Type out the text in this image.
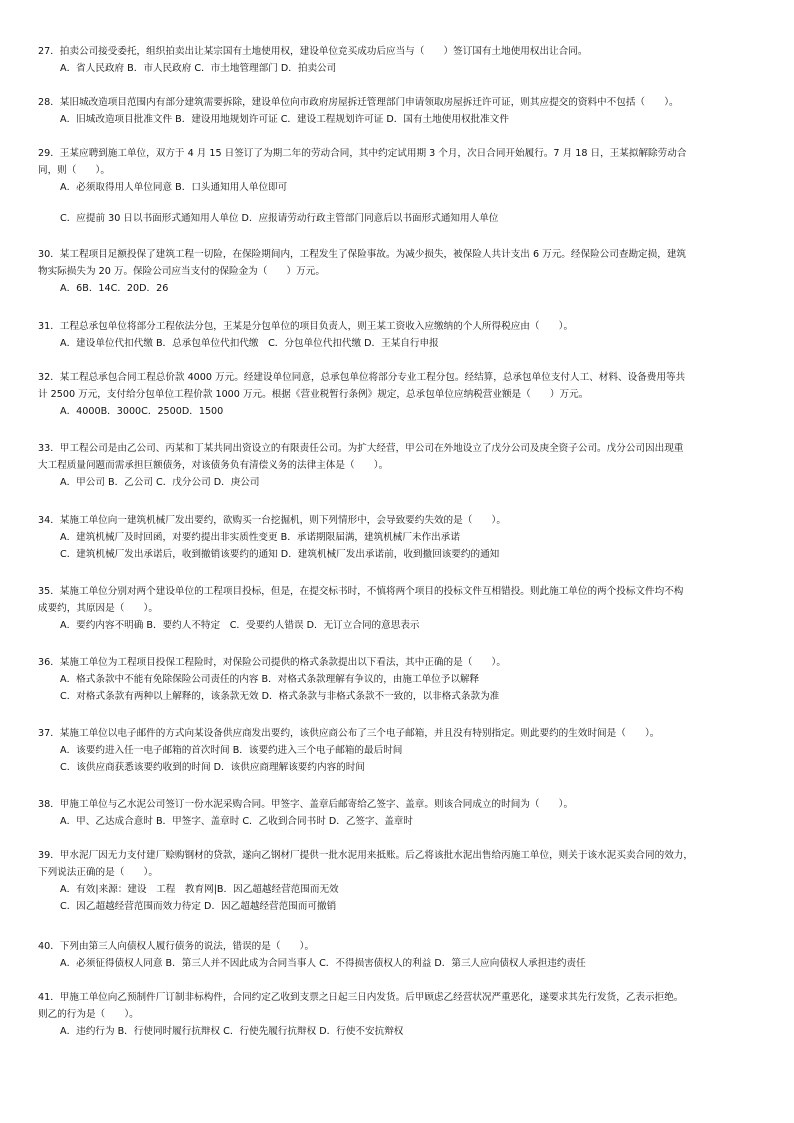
27．拍卖公司接受委托，组织拍卖出让某宗国有土地使用权，建设单位竞买成功后应当与（　　）签订国有土地使用权出让合同。
A．省人民政府 B．市人民政府 C．市土地管理部门 D．拍卖公司
28．某旧城改造项目范围内有部分建筑需要拆除，建设单位向市政府房屋拆迁管理部门申请领取房屋拆迁许可证，则其应提交的资料中不包括（　　）。
A．旧城改造项目批准文件 B．建设用地规划许可证 C．建设工程规划许可证 D．国有土地使用权批准文件
29．王某应聘到施工单位，双方于 4 月 15 日签订了为期二年的劳动合同，其中约定试用期 3 个月，次日合同开始履行。7 月 18 日，王某拟解除劳动合
同，则（　　）。
A．必须取得用人单位同意 B．口头通知用人单位即可
C．应提前 30 日以书面形式通知用人单位 D．应报请劳动行政主管部门同意后以书面形式通知用人单位
30．某工程项目足额投保了建筑工程一切险，在保险期间内，工程发生了保险事故。为减少损失，被保险人共计支出 6 万元。经保险公司查勘定损，建筑
物实际损失为 20 万。保险公司应当支付的保险金为（　　）万元。
A．6B．14C．20D．26
31．工程总承包单位将部分工程依法分包，王某是分包单位的项目负责人，则王某工资收入应缴纳的个人所得税应由（　　）。
A．建设单位代扣代缴 B．总承包单位代扣代缴　C．分包单位代扣代缴 D．王某自行申报
32．某工程总承包合同工程总价款 4000 万元。经建设单位同意，总承包单位将部分专业工程分包。经结算，总承包单位支付人工、材料、设备费用等共
计 2500 万元，支付给分包单位工程价款 1000 万元。根据《营业税暂行条例》规定，总承包单位应纳税营业额是（　　）万元。
A．4000B．3000C．2500D．1500
33．甲工程公司是由乙公司、丙某和丁某共同出资设立的有限责任公司。为扩大经营，甲公司在外地设立了戊分公司及庚全资子公司。戊分公司因出现重
大工程质量问题而需承担巨额债务，对该债务负有清偿义务的法律主体是（　　）。
A．甲公司 B．乙公司 C．戊分公司 D．庚公司
34．某施工单位向一建筑机械厂发出要约，欲购买一台挖掘机，则下列情形中，会导致要约失效的是（　　）。
A．建筑机械厂及时回函，对要约提出非实质性变更 B．承诺期限届满，建筑机械厂未作出承诺
C．建筑机械厂发出承诺后，收到撤销该要约的通知 D．建筑机械厂发出承诺前，收到撤回该要约的通知
35．某施工单位分别对两个建设单位的工程项目投标，但是，在提交标书时，不慎将两个项目的投标文件互相错投。则此施工单位的两个投标文件均不构
成要约，其原因是（　　）。
A．要约内容不明确 B．要约人不特定　C．受要约人错误 D．无订立合同的意思表示
36．某施工单位为工程项目投保工程险时，对保险公司提供的格式条款提出以下看法，其中正确的是（　　）。
A．格式条款中不能有免除保险公司责任的内容 B．对格式条款理解有争议的，由施工单位予以解释
C．对格式条款有两种以上解释的，该条款无效 D．格式条款与非格式条款不一致的，以非格式条款为准
37．某施工单位以电子邮件的方式向某设备供应商发出要约，该供应商公布了三个电子邮箱，并且没有特别指定。则此要约的生效时间是（　　）。
A．该要约进入任一电子邮箱的首次时间 B．该要约进入三个电子邮箱的最后时间
C．该供应商获悉该要约收到的时间 D．该供应商理解该要约内容的时间
38．甲施工单位与乙水泥公司签订一份水泥采购合同。甲签字、盖章后邮寄给乙签字、盖章。则该合同成立的时间为（　　）。
A．甲、乙达成合意时 B．甲签字、盖章时 C．乙收到合同书时 D．乙签字、盖章时
39．甲水泥厂因无力支付建厂赊购钢材的贷款，遂向乙钢材厂提供一批水泥用来抵账。后乙将该批水泥出售给丙施工单位，则关于该水泥买卖合同的效力，
下列说法正确的是（　　）。
A．有效|来源：建设　工程　教育网|B．因乙超越经营范围而无效
C．因乙超越经营范围而效力待定 D．因乙超越经营范围而可撤销
40．下列由第三人向债权人履行债务的说法，错误的是（　　）。
A．必须征得债权人同意 B．第三人并不因此成为合同当事人 C．不得损害债权人的利益 D．第三人应向债权人承担违约责任
41．甲施工单位向乙预制件厂订制非标构件，合同约定乙收到支票之日起三日内发货。后甲顾虑乙经营状况严重恶化，遂要求其先行发货，乙表示拒绝。
则乙的行为是（　　）。
A．违约行为 B．行使同时履行抗辩权 C．行使先履行抗辩权 D．行使不安抗辩权
